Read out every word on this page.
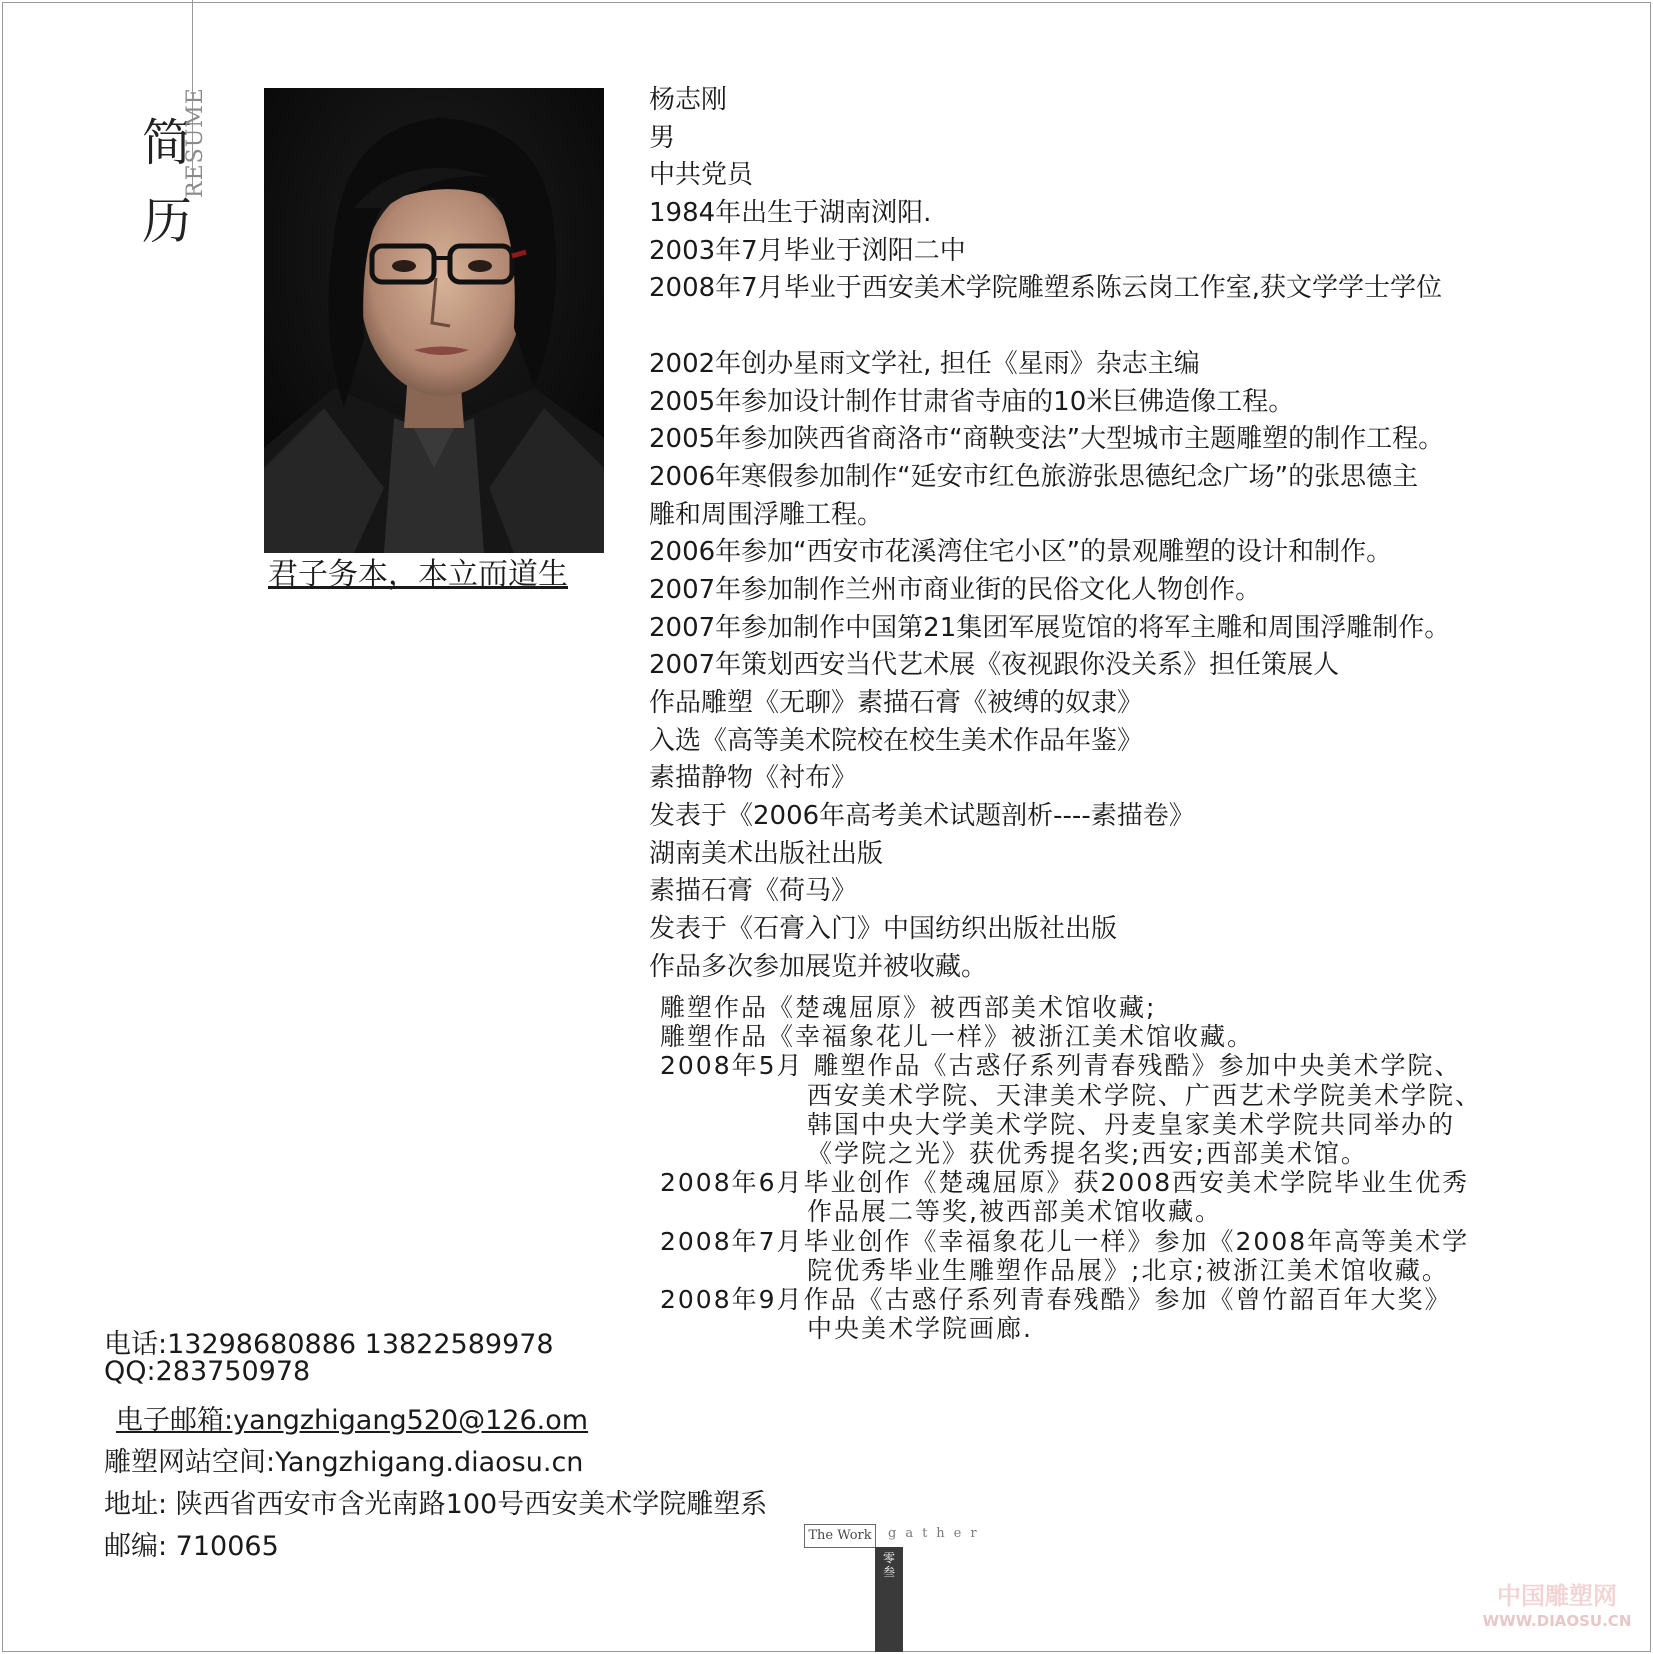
简
历
RESUME
君子务本，本立而道生
杨志刚
男
中共党员
1984年出生于湖南浏阳.
2003年7月毕业于浏阳二中
2008年7月毕业于西安美术学院雕塑系陈云岗工作室,获文学学士学位
2002年创办星雨文学社, 担任《星雨》杂志主编
2005年参加设计制作甘肃省寺庙的10米巨佛造像工程。
2005年参加陕西省商洛市“商鞅变法”大型城市主题雕塑的制作工程。
2006年寒假参加制作“延安市红色旅游张思德纪念广场”的张思德主
雕和周围浮雕工程。
2006年参加“西安市花溪湾住宅小区”的景观雕塑的设计和制作。
2007年参加制作兰州市商业街的民俗文化人物创作。
2007年参加制作中国第21集团军展览馆的将军主雕和周围浮雕制作。
2007年策划西安当代艺术展《夜视跟你没关系》担任策展人
作品雕塑《无聊》素描石膏《被缚的奴隶》
入选《高等美术院校在校生美术作品年鉴》
素描静物《衬布》
发表于《2006年高考美术试题剖析----素描卷》
湖南美术出版社出版
素描石膏《荷马》
发表于《石膏入门》中国纺织出版社出版
作品多次参加展览并被收藏。
雕塑作品《楚魂屈原》被西部美术馆收藏;
雕塑作品《幸福象花儿一样》被浙江美术馆收藏。
2008年5月 雕塑作品《古惑仔系列青春残酷》参加中央美术学院、
西安美术学院、天津美术学院、广西艺术学院美术学院、
韩国中央大学美术学院、丹麦皇家美术学院共同举办的
《学院之光》获优秀提名奖;西安;西部美术馆。
2008年6月毕业创作《楚魂屈原》获2008西安美术学院毕业生优秀
作品展二等奖,被西部美术馆收藏。
2008年7月毕业创作《幸福象花儿一样》参加《2008年高等美术学
院优秀毕业生雕塑作品展》;北京;被浙江美术馆收藏。
2008年9月作品《古惑仔系列青春残酷》参加《曾竹韶百年大奖》
中央美术学院画廊.
电话:13298680886 13822589978
QQ:283750978
电子邮箱:yangzhigang520@126.om
雕塑网站空间:Yangzhigang.diaosu.cn
地址: 陕西省西安市含光南路100号西安美术学院雕塑系
邮编: 710065	The Work	gather
零叁
中国雕塑网
WWW.DIAOSU.CN
